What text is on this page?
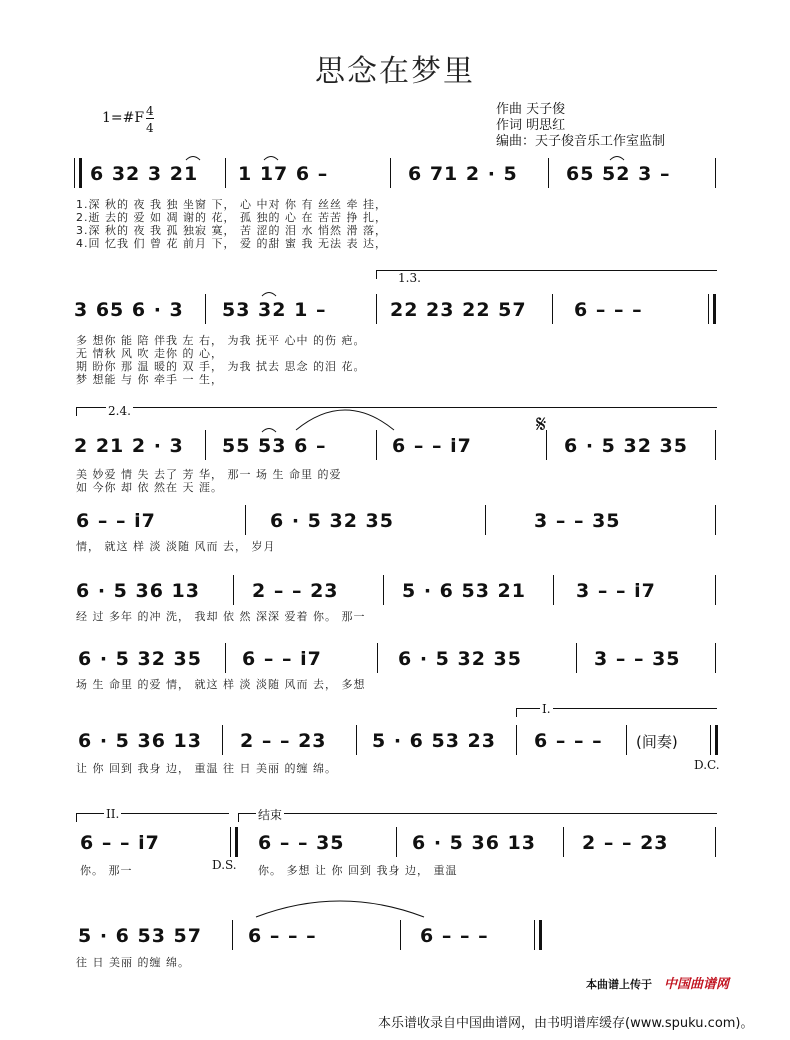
思念在梦里
1=#F 4
4
作曲 天子俊
作词 明思红
编曲：天子俊音乐工作室监制
6 32 3 21 1 17 6 –	6 71 2 · 5	65 52 3 –
1.深 秋的 夜 我 独 坐窗 下， 心 中对 你 有 丝丝 牵 挂，
2.逝 去的 爱 如 凋 谢的 花， 孤 独的 心 在 苦苦 挣 扎，
3.深 秋的 夜 我 孤 独寂 寞， 苦 涩的 泪 水 悄然 滑 落，
4.回 忆我 们 曾 花 前月 下， 爱 的甜 蜜 我 无法 表 达，
1.3.
3 65 6 · 3 53 32 1 –	22 23 22 57 6 – – –
多 想你 能 陪 伴我 左 右， 为我 抚平 心中 的伤 疤。
无 情秋 风 吹 走你 的 心，
期 盼你 那 温 暖的 双 手， 为我 拭去 思念 的泪 花。
梦 想能 与 你 牵手 一 生，
2.4.	𝄋
2 21 2 · 3 55 53 6 –	6 – – i7	6 · 5 32 35
美 妙爱 情 失 去了 芳 华， 那一 场 生 命里 的爱
如 今你 却 依 然在 天 涯。
6 – – i7	6 · 5 32 35	3 – – 35
情， 就这 样 淡 淡随 风而 去， 岁月
6 · 5 36 13	2 – – 23	5 · 6 53 21	3 – – i7
经 过 多年 的冲 洗， 我却 依 然 深深 爱着 你。 那一
6 · 5 32 35 6 – – i7	6 · 5 32 35	3 – – 35
场 生 命里 的爱 情， 就这 样 淡 淡随 风而 去， 多想
I.
6 · 5 36 13 2 – – 23 5 · 6 53 23 6 – – – (间奏)
让 你 回到 我身 边， 重温 往 日 美丽 的缠 绵。	D.C.
II.	结束
6 – – i7	6 – – 35	6 · 5 36 13 2 – – 23
你。 那一	D.S. 你。 多想 让 你 回到 我身 边， 重温
5 · 6 53 57 6 – – –	6 – – –
往 日 美丽 的缠 绵。
本曲谱上传于 中国曲谱网
本乐谱收录自中国曲谱网，由书明谱库缓存(www.spuku.com)。
